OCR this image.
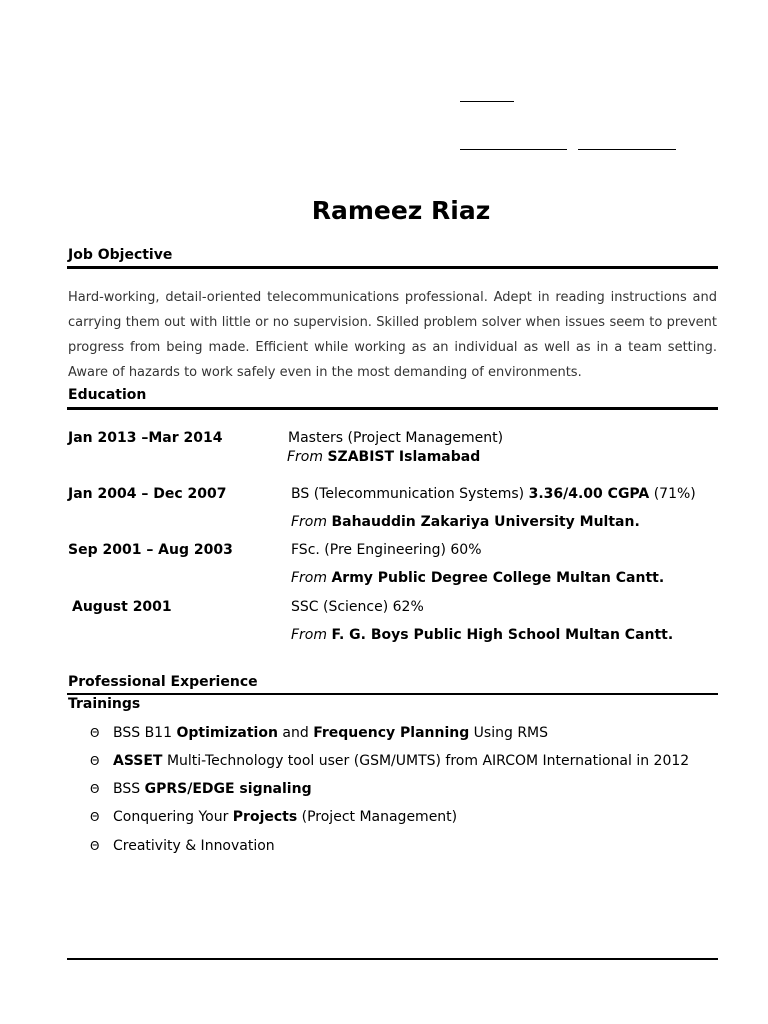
Rameez Riaz
Job Objective
Hard-working, detail-oriented telecommunications professional. Adept in reading instructions and carrying them out with little or no supervision. Skilled problem solver when issues seem to prevent progress from being made. Efficient while working as an individual as well as in a team setting. Aware of hazards to work safely even in the most demanding of environments.
Education
Jan 2013 –Mar 2014	Masters (Project Management)
From SZABIST Islamabad
Jan 2004 – Dec 2007	BS (Telecommunication Systems) 3.36/4.00 CGPA (71%)
From Bahauddin Zakariya University Multan.
Sep 2001 – Aug 2003	FSc. (Pre Engineering) 60%
From Army Public Degree College Multan Cantt.
August 2001	SSC (Science) 62%
From F. G. Boys Public High School Multan Cantt.
Professional Experience
Trainings
Θ BSS B11 Optimization and Frequency Planning Using RMS
Θ ASSET Multi-Technology tool user (GSM/UMTS) from AIRCOM International in 2012
Θ BSS GPRS/EDGE signaling
Θ Conquering Your Projects (Project Management)
Θ Creativity & Innovation
